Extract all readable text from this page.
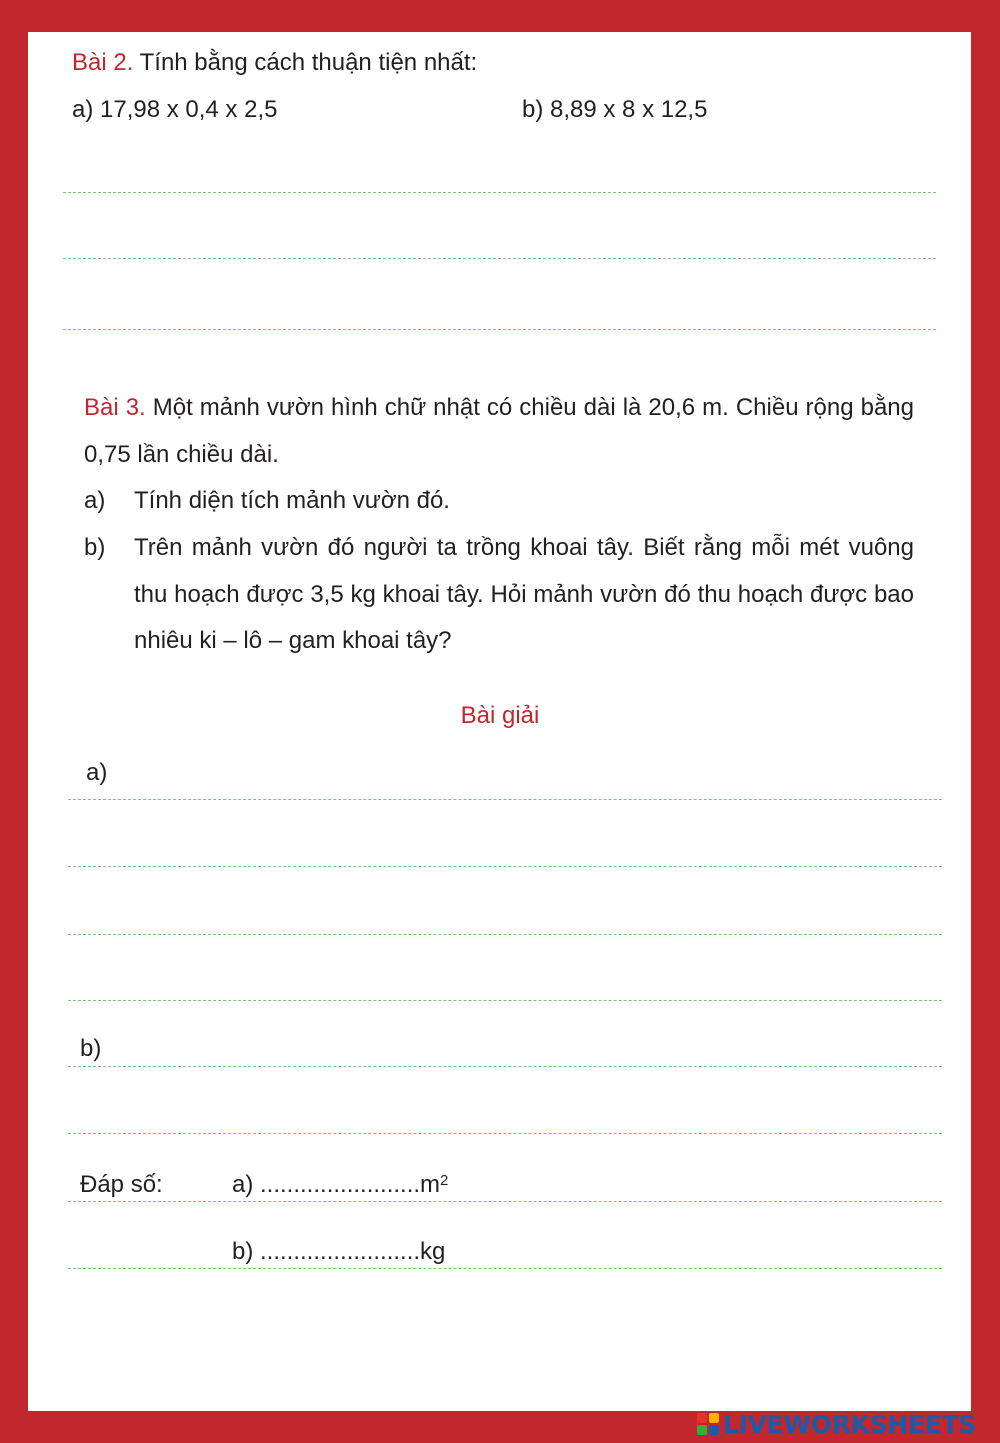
Bài 2. Tính bằng cách thuận tiện nhất:
a) 17,98 x 0,4 x 2,5	b) 8,89 x 8 x 12,5
Bài 3. Một mảnh vườn hình chữ nhật có chiều dài là 20,6 m. Chiều rộng bằng 0,75 lần chiều dài.
a) Tính diện tích mảnh vườn đó.
b) Trên mảnh vườn đó người ta trồng khoai tây. Biết rằng mỗi mét vuông thu hoạch được 3,5 kg khoai tây. Hỏi mảnh vườn đó thu hoạch được bao nhiêu ki – lô – gam khoai tây?
Bài giải
a)
b)
Đáp số:	a) $........................m^2$
b) ........................kg
LIVEWORKSHEETS
